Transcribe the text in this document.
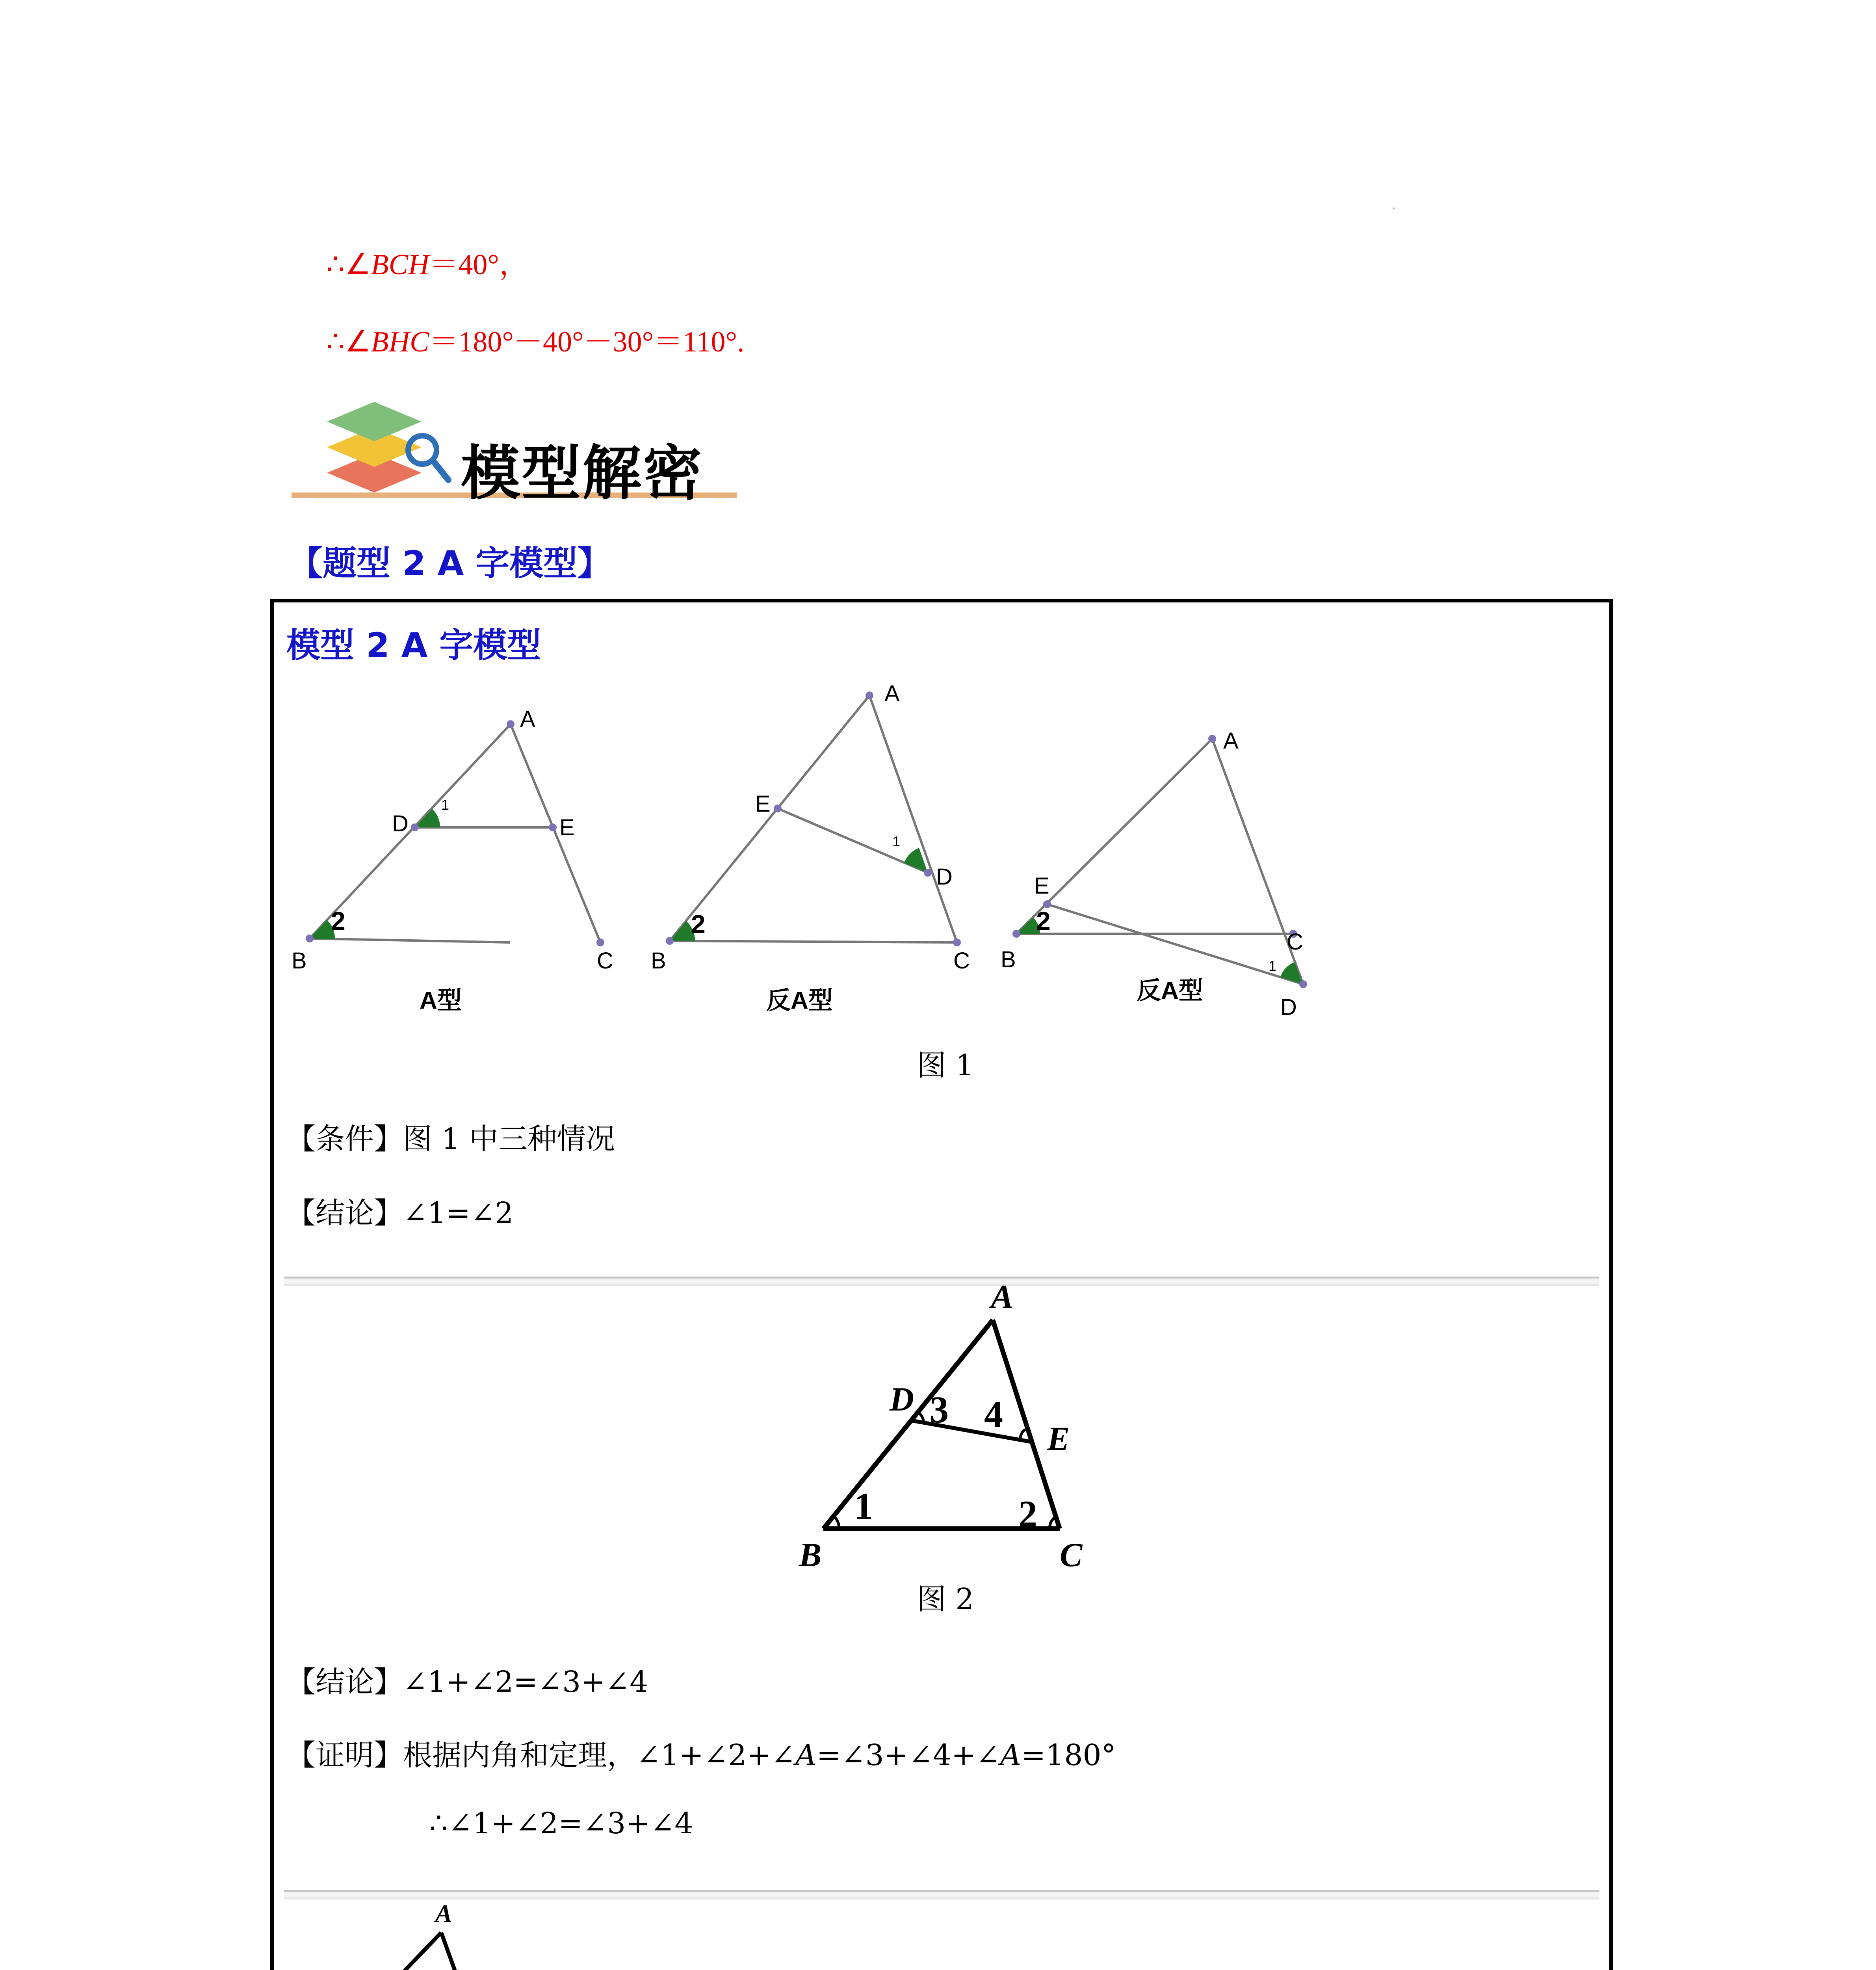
.
∴∠BCH＝40°，
∴∠BHC＝180°－40°－30°＝110°.
模型解密
【题型 2 A 字模型】
模型 2 A 字模型
A
D	E
B	C
2
1
A型
A
E
D
B	C
2
1
反A型
A
E
C
D
B
2
1
反A型
图 1
【条件】图 1 中三种情况
【结论】∠1=∠2
A
D
E
B	C
1	2
3 4
图 2
【结论】∠1+∠2=∠3+∠4
【证明】根据内角和定理，∠1+∠2+∠A=∠3+∠4+∠A=180°
∴∠1+∠2=∠3+∠4
A
